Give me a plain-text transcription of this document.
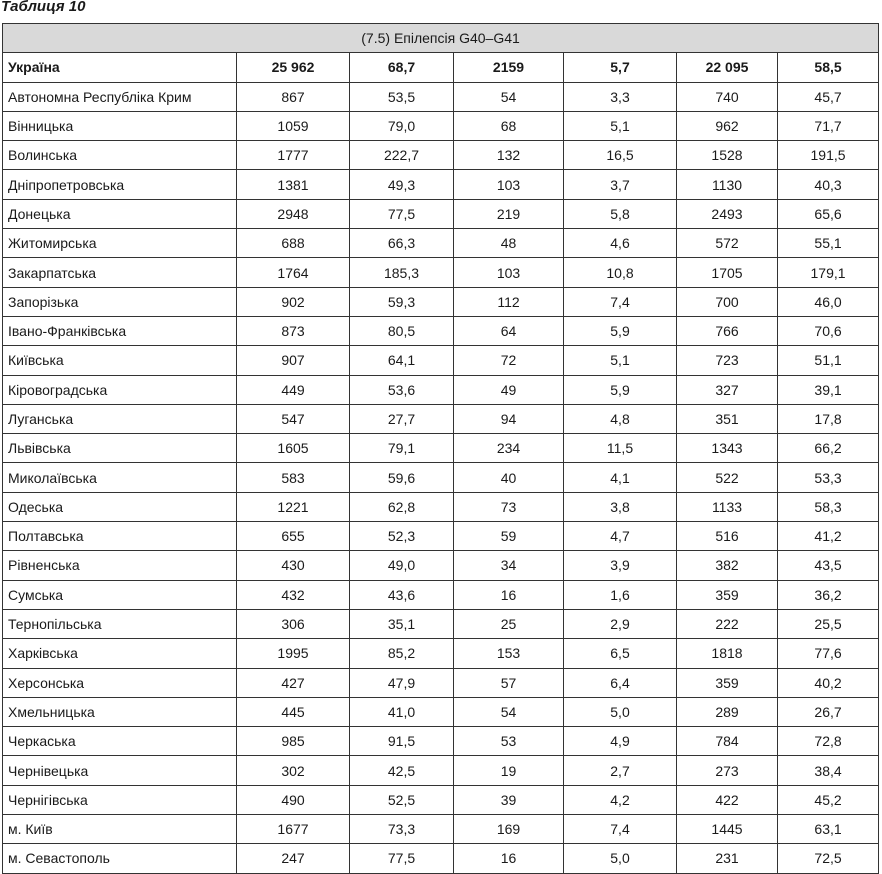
Таблиця 10
(7.5) Епілепсія G40–G41						
Україна	25 962	68,7	2159	5,7	22 095	58,5
Автономна Республіка Крим	867	53,5	54	3,3	740	45,7
Вінницька	1059	79,0	68	5,1	962	71,7
Волинська	1777	222,7	132	16,5	1528	191,5
Дніпропетровська	1381	49,3	103	3,7	1130	40,3
Донецька	2948	77,5	219	5,8	2493	65,6
Житомирська	688	66,3	48	4,6	572	55,1
Закарпатська	1764	185,3	103	10,8	1705	179,1
Запорізька	902	59,3	112	7,4	700	46,0
Івано-Франківська	873	80,5	64	5,9	766	70,6
Київська	907	64,1	72	5,1	723	51,1
Кіровоградська	449	53,6	49	5,9	327	39,1
Луганська	547	27,7	94	4,8	351	17,8
Львівська	1605	79,1	234	11,5	1343	66,2
Миколаївська	583	59,6	40	4,1	522	53,3
Одеська	1221	62,8	73	3,8	1133	58,3
Полтавська	655	52,3	59	4,7	516	41,2
Рівненська	430	49,0	34	3,9	382	43,5
Сумська	432	43,6	16	1,6	359	36,2
Тернопільська	306	35,1	25	2,9	222	25,5
Харківська	1995	85,2	153	6,5	1818	77,6
Херсонська	427	47,9	57	6,4	359	40,2
Хмельницька	445	41,0	54	5,0	289	26,7
Черкаська	985	91,5	53	4,9	784	72,8
Чернівецька	302	42,5	19	2,7	273	38,4
Чернігівська	490	52,5	39	4,2	422	45,2
м. Київ	1677	73,3	169	7,4	1445	63,1
м. Севастополь	247	77,5	16	5,0	231	72,5
